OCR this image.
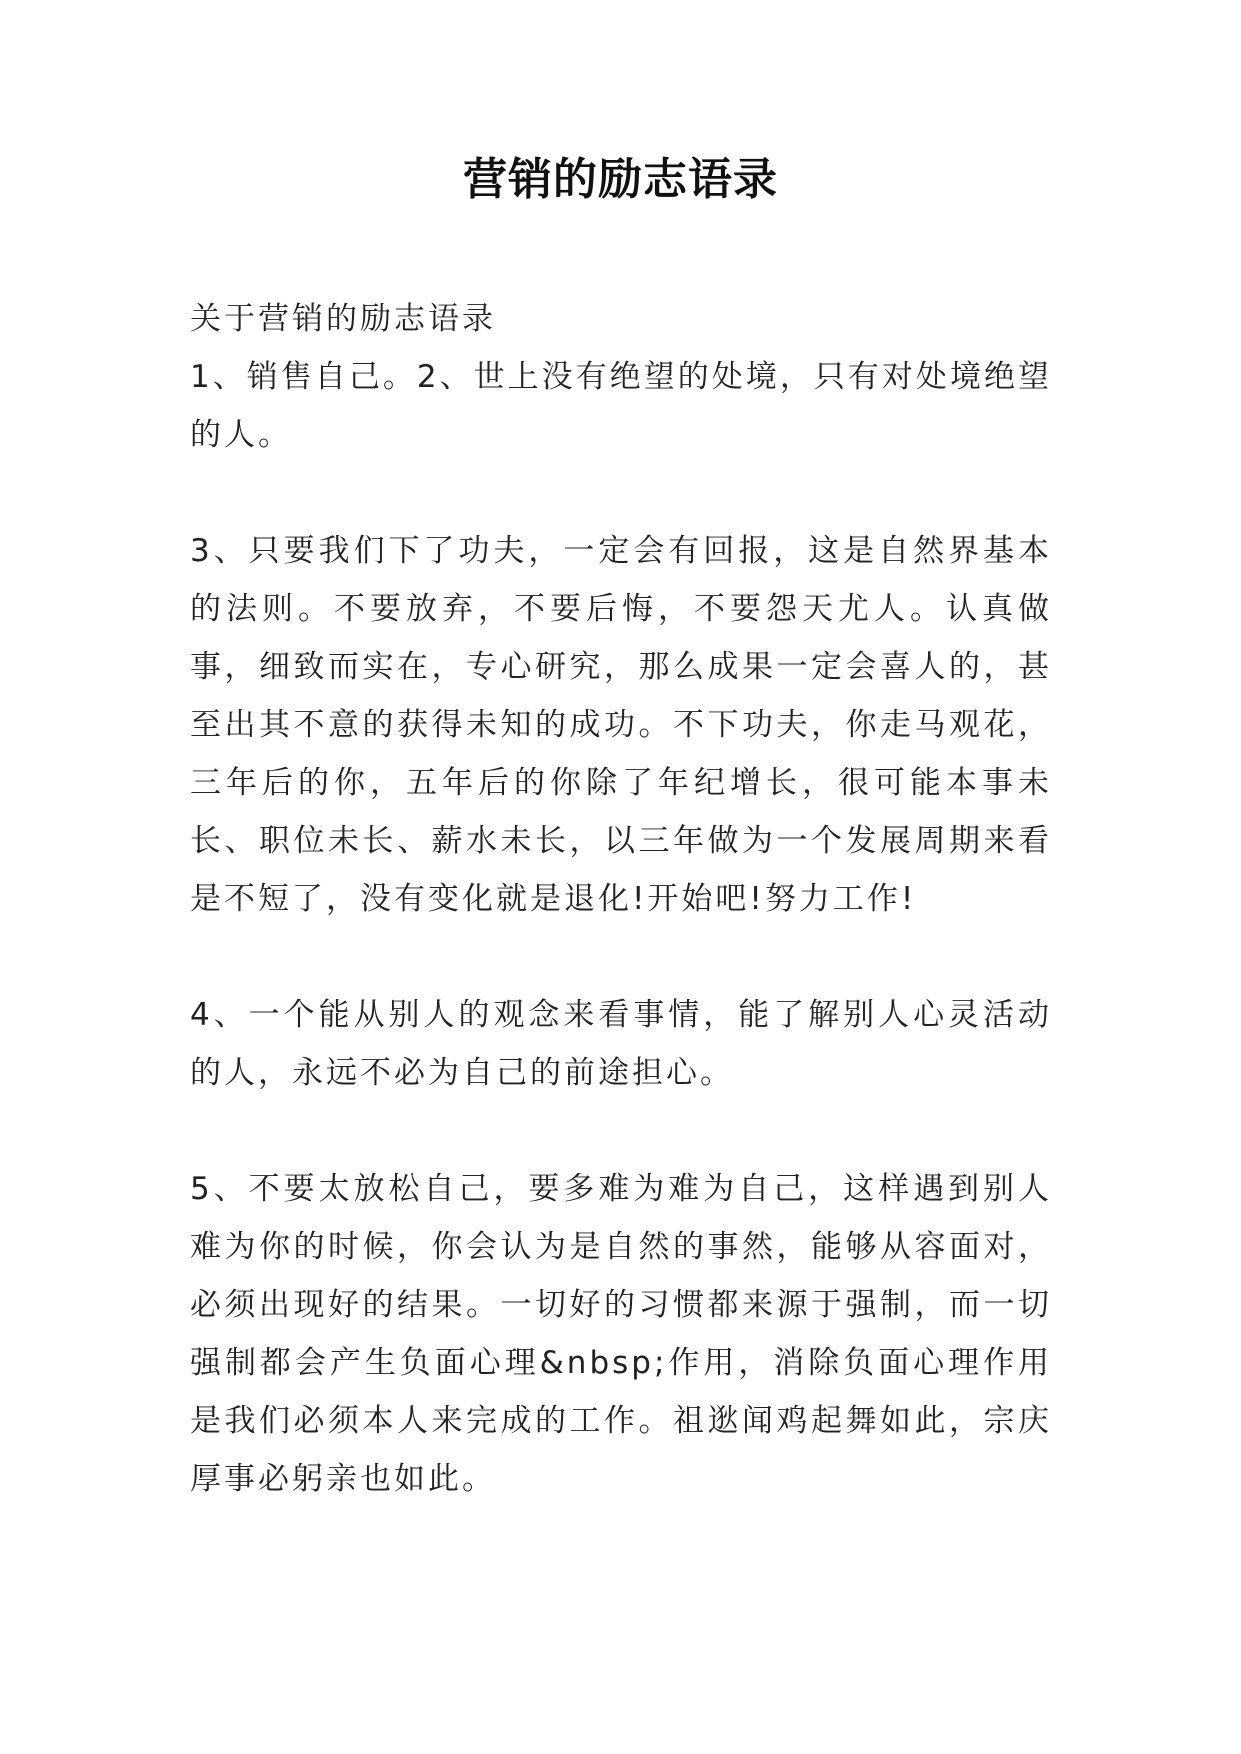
营销的励志语录

关于营销的励志语录

1、销售自己。2、世上没有绝望的处境，只有对处境绝望的人。

3、只要我们下了功夫，一定会有回报，这是自然界基本的法则。不要放弃，不要后悔，不要怨天尤人。认真做事，细致而实在，专心研究，那么成果一定会喜人的，甚至出其不意的获得未知的成功。不下功夫，你走马观花，三年后的你，五年后的你除了年纪增长，很可能本事未长、职位未长、薪水未长，以三年做为一个发展周期来看是不短了，没有变化就是退化!开始吧!努力工作!

4、一个能从别人的观念来看事情，能了解别人心灵活动的人，永远不必为自己的前途担心。

5、不要太放松自己，要多难为难为自己，这样遇到别人难为你的时候，你会认为是自然的事然，能够从容面对，必须出现好的结果。一切好的习惯都来源于强制，而一切强制都会产生负面心理&nbsp;作用，消除负面心理作用是我们必须本人来完成的工作。祖逖闻鸡起舞如此，宗庆厚事必躬亲也如此。
